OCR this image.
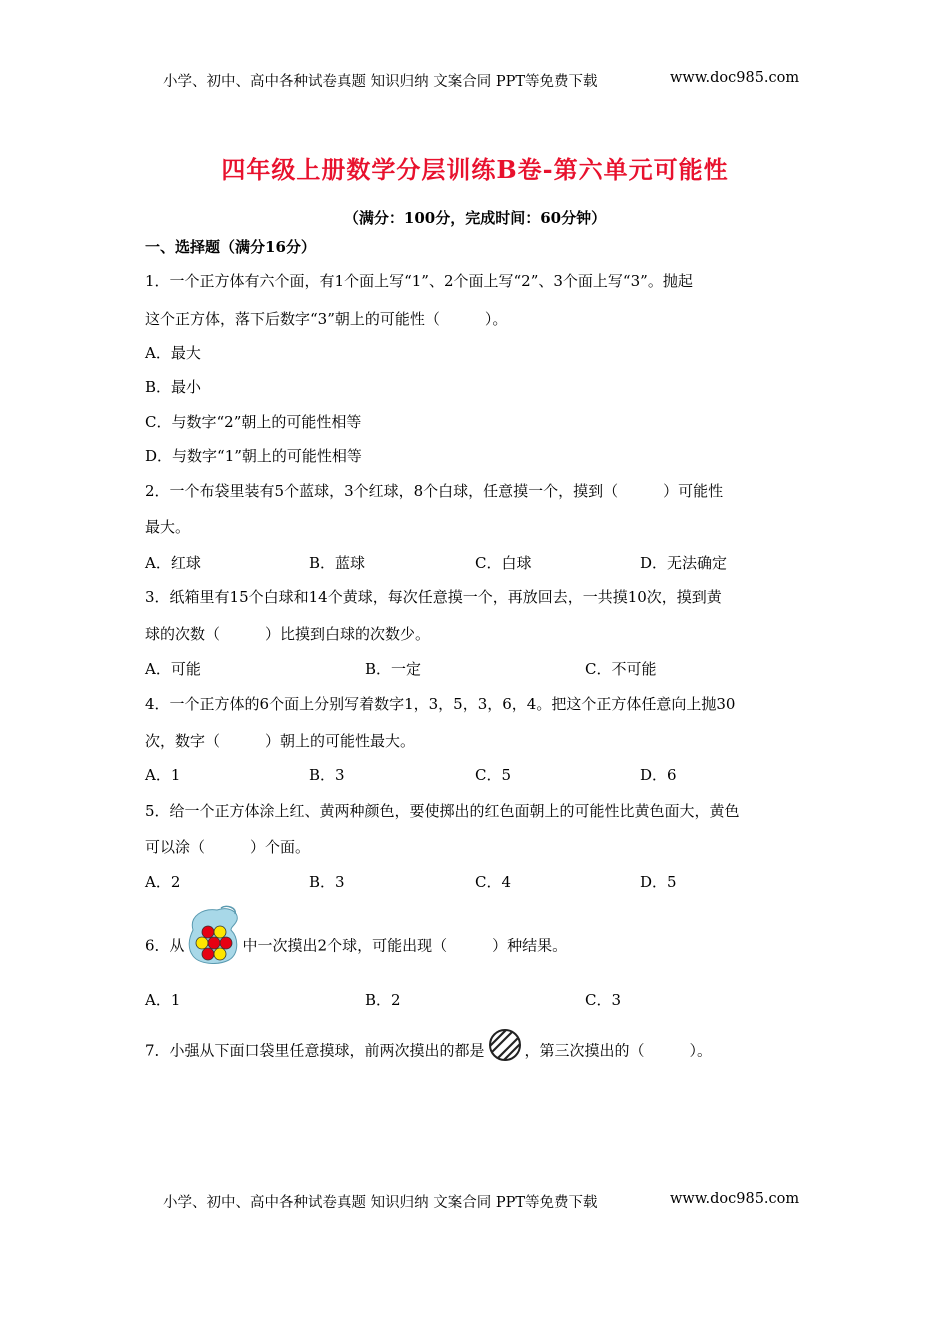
小学、初中、高中各种试卷真题 知识归纳 文案合同 PPT等免费下载	www.doc985.com
四年级上册数学分层训练B卷-第六单元可能性
（满分：100分，完成时间：60分钟）
一、选择题（满分16分）
1．一个正方体有六个面，有1个面上写“1”、2个面上写“2”、3个面上写“3”。抛起
这个正方体，落下后数字“3”朝上的可能性（　　　）。
A．最大
B．最小
C．与数字“2”朝上的可能性相等
D．与数字“1”朝上的可能性相等
2．一个布袋里装有5个蓝球，3个红球，8个白球，任意摸一个，摸到（　　　）可能性
最大。
A．红球	B．蓝球	C．白球	D．无法确定
3．纸箱里有15个白球和14个黄球，每次任意摸一个，再放回去，一共摸10次，摸到黄
球的次数（　　　）比摸到白球的次数少。
A．可能	B．一定	C．不可能
4．一个正方体的6个面上分别写着数字1，3，5，3，6，4。把这个正方体任意向上抛30
次，数字（　　　）朝上的可能性最大。
A．1	B．3	C．5	D．6
5．给一个正方体涂上红、黄两种颜色，要使掷出的红色面朝上的可能性比黄色面大，黄色
可以涂（　　　）个面。
A．2	B．3	C．4	D．5
6．从	中一次摸出2个球，可能出现（　　　）种结果。
A．1	B．2	C．3
7．小强从下面口袋里任意摸球，前两次摸出的都是	，第三次摸出的（　　　）。
小学、初中、高中各种试卷真题 知识归纳 文案合同 PPT等免费下载	www.doc985.com
